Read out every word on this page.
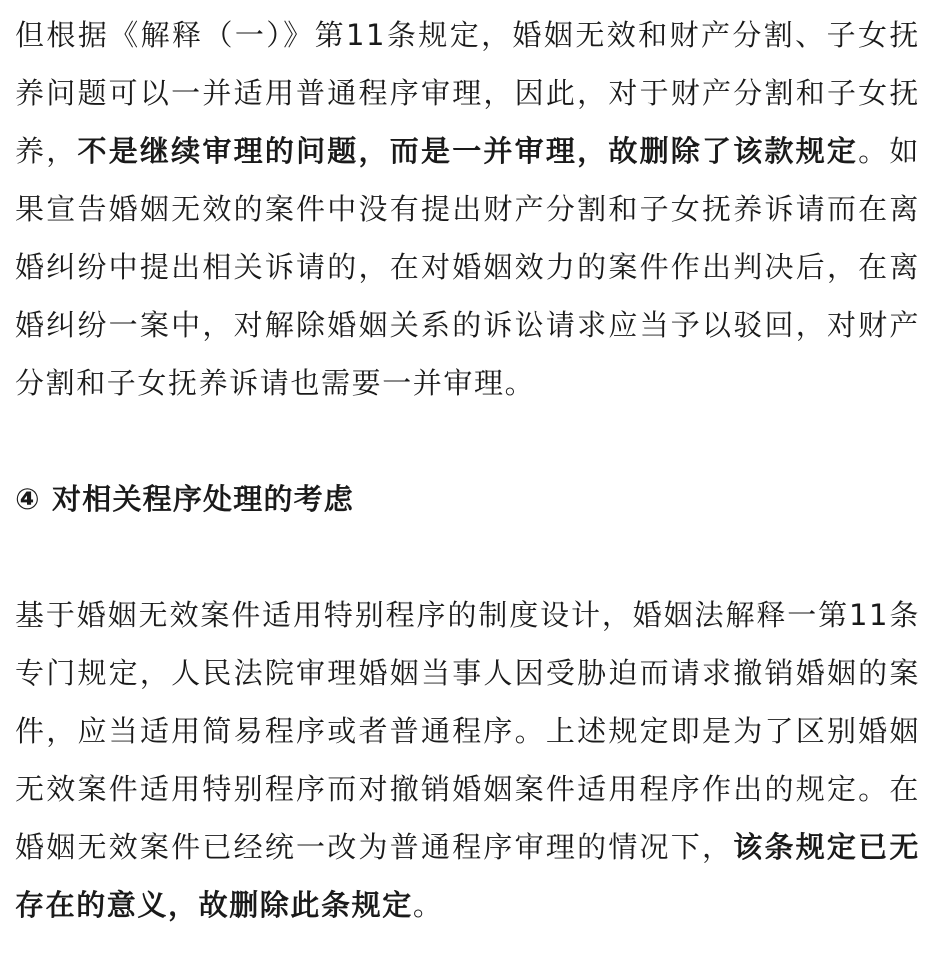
但根据《解释（一）》第11条规定，婚姻无效和财产分割、子女抚养问题可以一并适用普通程序审理，因此，对于财产分割和子女抚养，不是继续审理的问题，而是一并审理，故删除了该款规定。如果宣告婚姻无效的案件中没有提出财产分割和子女抚养诉请而在离婚纠纷中提出相关诉请的，在对婚姻效力的案件作出判决后，在离婚纠纷一案中，对解除婚姻关系的诉讼请求应当予以驳回，对财产分割和子女抚养诉请也需要一并审理。

④ 对相关程序处理的考虑

基于婚姻无效案件适用特别程序的制度设计，婚姻法解释一第11条专门规定，人民法院审理婚姻当事人因受胁迫而请求撤销婚姻的案件，应当适用简易程序或者普通程序。上述规定即是为了区别婚姻无效案件适用特别程序而对撤销婚姻案件适用程序作出的规定。在婚姻无效案件已经统一改为普通程序审理的情况下，该条规定已无存在的意义，故删除此条规定。
